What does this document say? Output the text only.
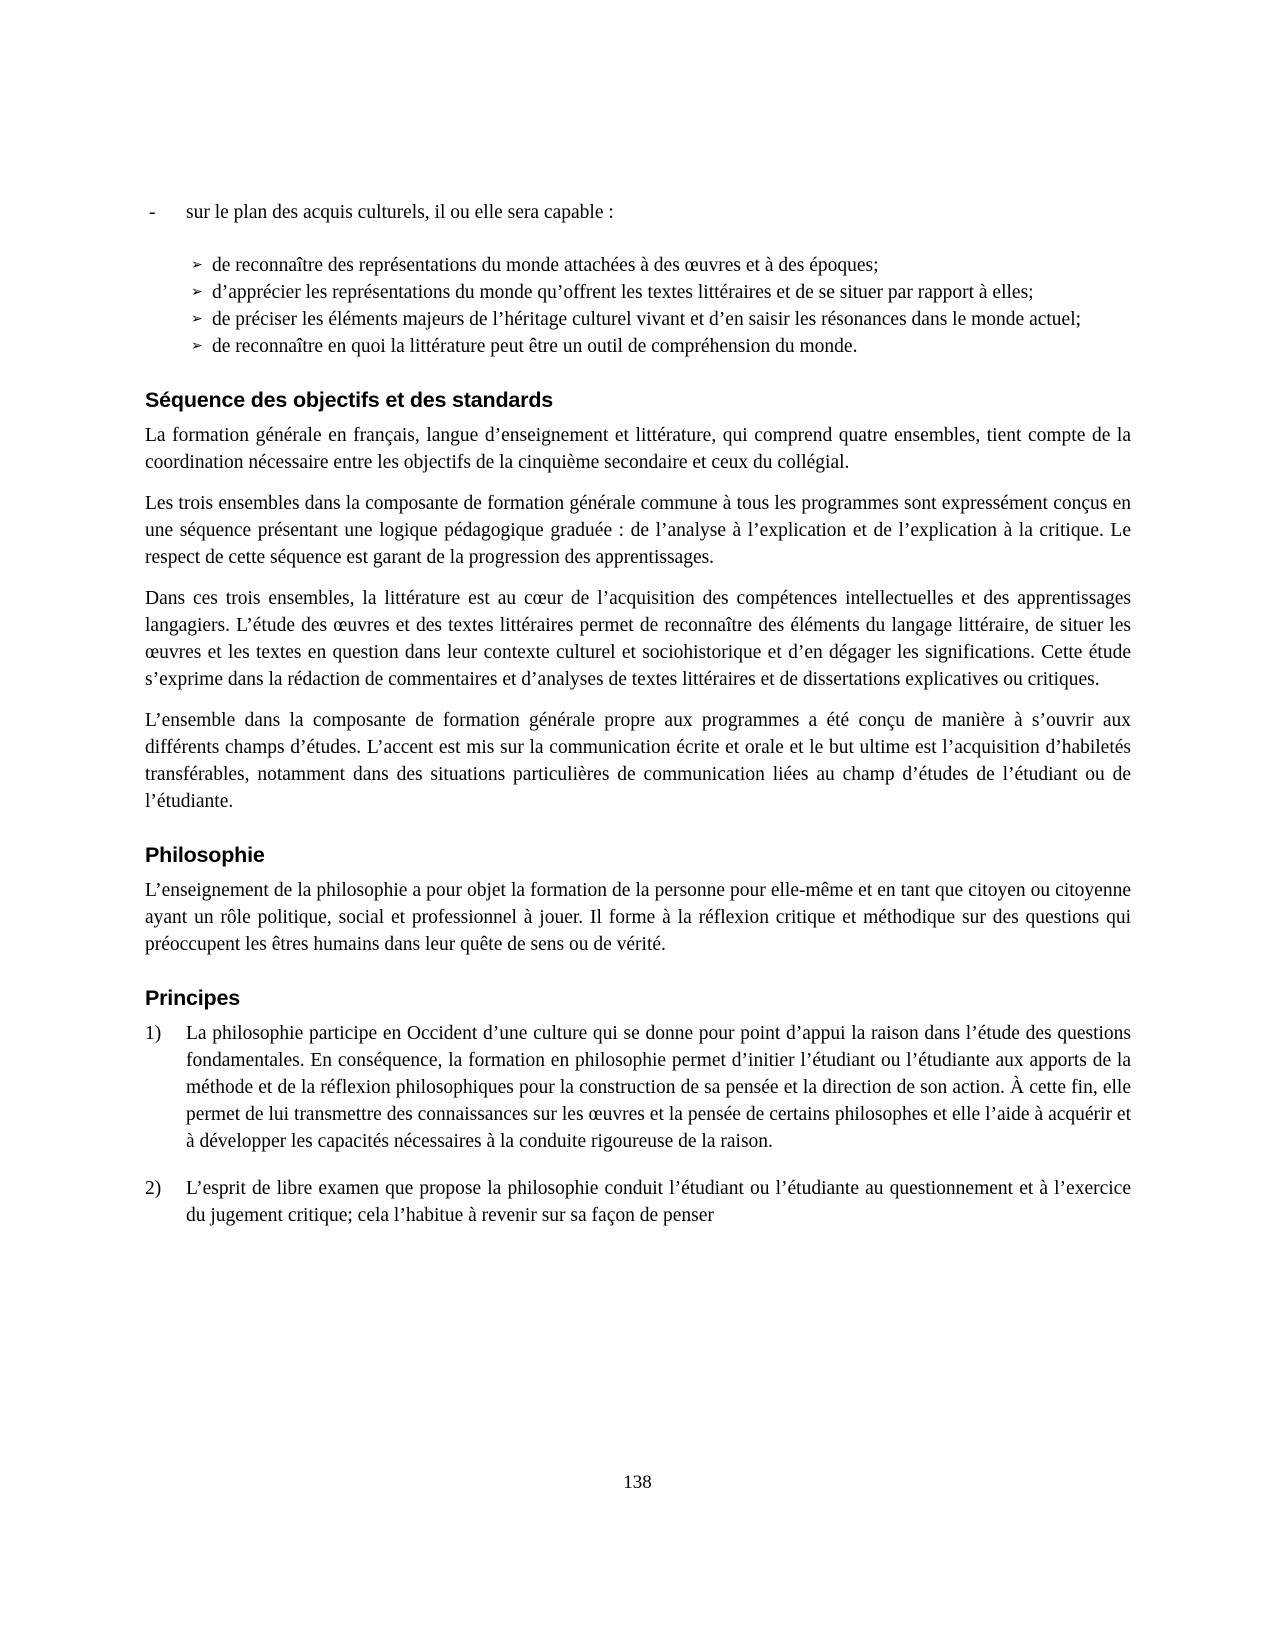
-	sur le plan des acquis culturels, il ou elle sera capable :
➢ de reconnaître des représentations du monde attachées à des œuvres et à des époques;
➢ d’apprécier les représentations du monde qu’offrent les textes littéraires et de se situer par rapport à elles;
➢ de préciser les éléments majeurs de l’héritage culturel vivant et d’en saisir les résonances dans le monde actuel;
➢ de reconnaître en quoi la littérature peut être un outil de compréhension du monde.
Séquence des objectifs et des standards

La formation générale en français, langue d’enseignement et littérature, qui comprend quatre ensembles, tient compte de la coordination nécessaire entre les objectifs de la cinquième secondaire et ceux du collégial.

Les trois ensembles dans la composante de formation générale commune à tous les programmes sont expressément conçus en une séquence présentant une logique pédagogique graduée : de l’analyse à l’explication et de l’explication à la critique. Le respect de cette séquence est garant de la progression des apprentissages.

Dans ces trois ensembles, la littérature est au cœur de l’acquisition des compétences intellectuelles et des apprentissages langagiers. L’étude des œuvres et des textes littéraires permet de reconnaître des éléments du langage littéraire, de situer les œuvres et les textes en question dans leur contexte culturel et sociohistorique et d’en dégager les significations. Cette étude s’exprime dans la rédaction de commentaires et d’analyses de textes littéraires et de dissertations explicatives ou critiques.

L’ensemble dans la composante de formation générale propre aux programmes a été conçu de manière à s’ouvrir aux différents champs d’études. L’accent est mis sur la communication écrite et orale et le but ultime est l’acquisition d’habiletés transférables, notamment dans des situations particulières de communication liées au champ d’études de l’étudiant ou de l’étudiante.

Philosophie

L’enseignement de la philosophie a pour objet la formation de la personne pour elle-même et en tant que citoyen ou citoyenne ayant un rôle politique, social et professionnel à jouer. Il forme à la réflexion critique et méthodique sur des questions qui préoccupent les êtres humains dans leur quête de sens ou de vérité.

Principes
1)	La philosophie participe en Occident d’une culture qui se donne pour point d’appui la raison dans l’étude des questions fondamentales. En conséquence, la formation en philosophie permet d’initier l’étudiant ou l’étudiante aux apports de la méthode et de la réflexion philosophiques pour la construction de sa pensée et la direction de son action. À cette fin, elle permet de lui transmettre des connaissances sur les œuvres et la pensée de certains philosophes et elle l’aide à acquérir et à développer les capacités nécessaires à la conduite rigoureuse de la raison.
2)	L’esprit de libre examen que propose la philosophie conduit l’étudiant ou l’étudiante au questionnement et à l’exercice du jugement critique; cela l’habitue à revenir sur sa façon de penser
138
